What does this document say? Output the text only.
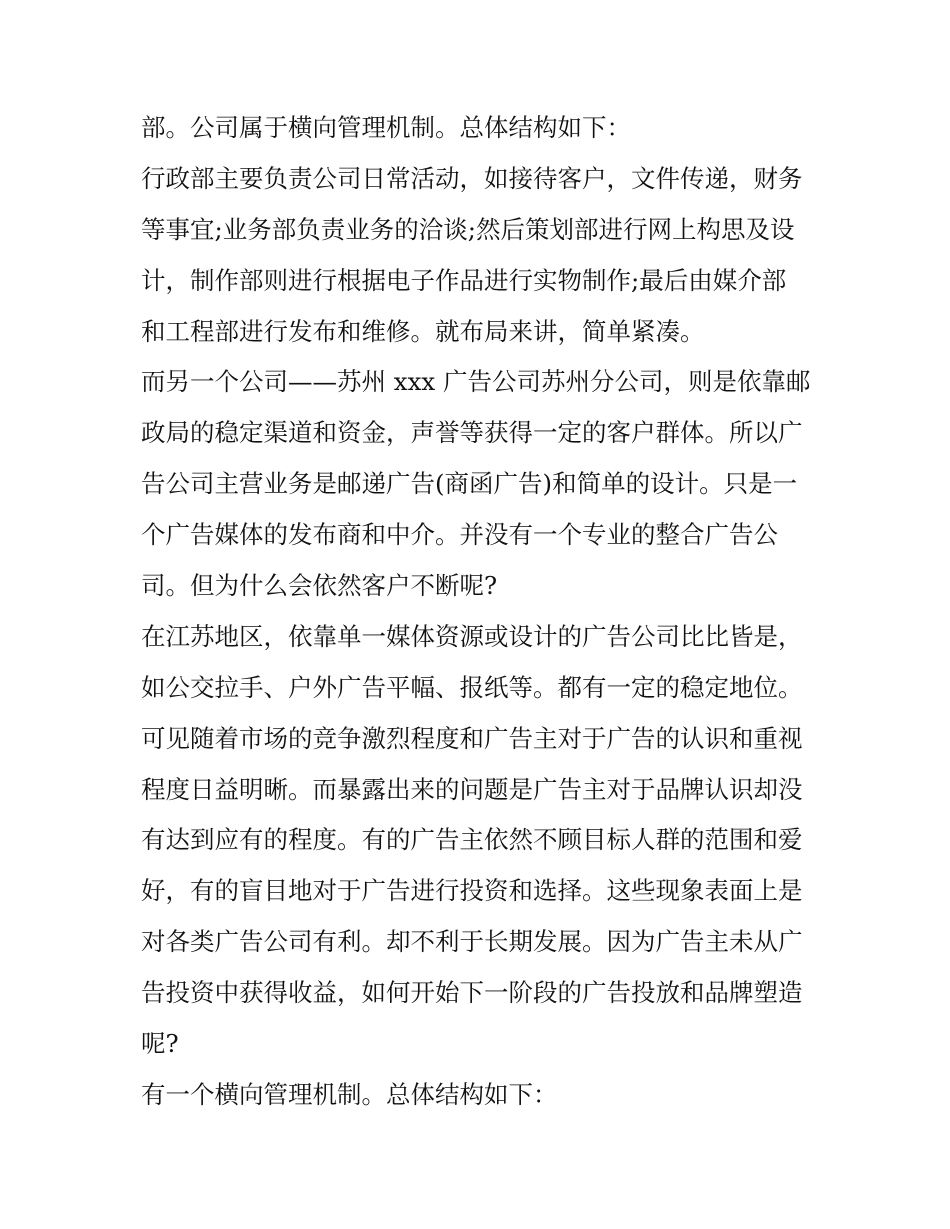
部。公司属于横向管理机制。总体结构如下：

行政部主要负责公司日常活动，如接待客户，文件传递，财务

等事宜;业务部负责业务的洽谈;然后策划部进行网上构思及设

计，制作部则进行根据电子作品进行实物制作;最后由媒介部

和工程部进行发布和维修。就布局来讲，简单紧凑。

而另一个公司——苏州 xxx 广告公司苏州分公司，则是依靠邮

政局的稳定渠道和资金，声誉等获得一定的客户群体。所以广

告公司主营业务是邮递广告(商函广告)和简单的设计。只是一

个广告媒体的发布商和中介。并没有一个专业的整合广告公

司。但为什么会依然客户不断呢?

在江苏地区，依靠单一媒体资源或设计的广告公司比比皆是，

如公交拉手、户外广告平幅、报纸等。都有一定的稳定地位。

可见随着市场的竞争激烈程度和广告主对于广告的认识和重视

程度日益明晰。而暴露出来的问题是广告主对于品牌认识却没

有达到应有的程度。有的广告主依然不顾目标人群的范围和爱

好，有的盲目地对于广告进行投资和选择。这些现象表面上是

对各类广告公司有利。却不利于长期发展。因为广告主未从广

告投资中获得收益，如何开始下一阶段的广告投放和品牌塑造

呢?

有一个横向管理机制。总体结构如下：
